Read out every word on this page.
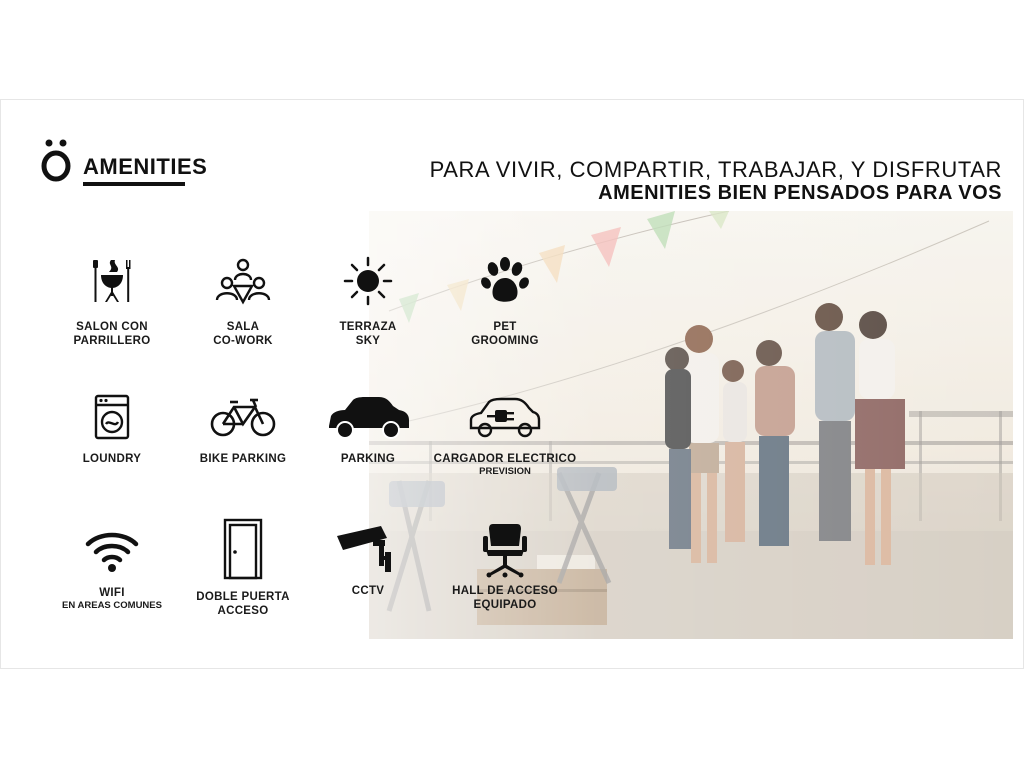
AMENITIES	PARA VIVIR, COMPARTIR, TRABAJAR, Y DISFRUTAR
AMENITIES BIEN PENSADOS PARA VOS
SALON CON
PARRILLERO
SALA
CO-WORK
TERRAZA
SKY
PET
GROOMING
LOUNDRY	BIKE PARKING	PARKING	CARGADOR ELECTRICO
PREVISION
WIFI
EN AREAS COMUNES
DOBLE PUERTA
ACCESO
CCTV	HALL DE ACCESO
EQUIPADO
